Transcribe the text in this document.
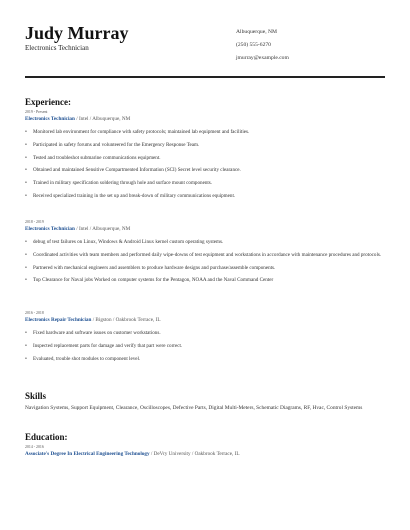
Judy Murray
Electronics Technician
Albuquerque, NM
(250) 555-6270
jmurray@example.com
Experience:
2019 - Present
Electronics Technician / Intel / Albuquerque, NM
• Monitored lab environment for compliance with safety protocols; maintained lab equipment and facilities.
• Participated in safety forums and volunteered for the Emergency Response Team.
• Tested and troubleshot submarine communications equipment.
• Obtained and maintained Sensitive Compartmented Information (SCI) Secret level security clearance.
• Trained in military specification soldering through hole and surface mount components.
• Received specialized training in the set up and break-down of military communications equipment.
2018 - 2019
Electronics Technician / Intel / Albuquerque, NM
• debug of test failures on Linux, Windows & Android Linux kernel custom operating systems.
• Coordinated activities with team members and performed daily wipe-downs of test equipment and workstations in accordance with maintenance procedures and protocols.
• Partnered with mechanical engineers and assemblers to produce hardware designs and purchase/assemble components.
• Top Clearance for Naval jobs Worked on computer systems for the Pentagon, NOAA and the Naval Command Center
2016 - 2018
Electronics Repair Technician / Bigston / Oakbrook Terrace, IL
• Fixed hardware and software issues on customer workstations.
• Inspected replacement parts for damage and verify that part were correct.
• Evaluated, trouble shot modules to component level.
Skills
Navigation Systems, Support Equipment, Clearance, Oscilloscopes, Defective Parts, Digital Multi-Meters, Schematic Diagrams, RF, Hvac, Control Systems
Education:
2014 - 2016
Associate's Degree In Electrical Engineering Technology / DeVry University / Oakbrook Terrace, IL
